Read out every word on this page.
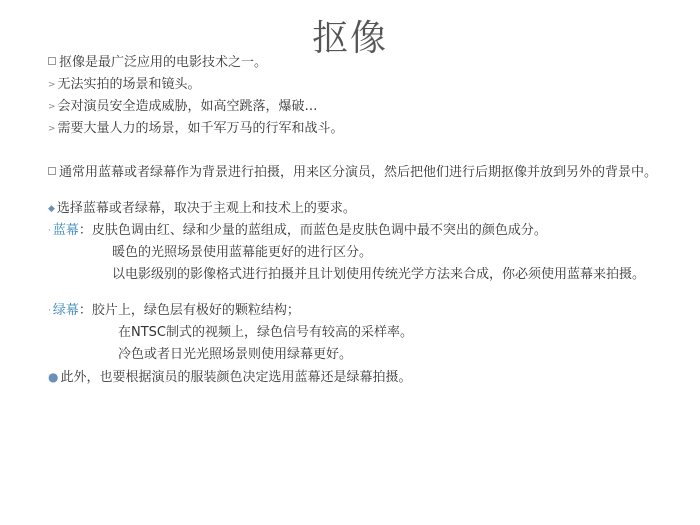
抠像
抠像是最广泛应用的电影技术之一。
> 无法实拍的场景和镜头。
> 会对演员安全造成威胁，如高空跳落，爆破…
> 需要大量人力的场景，如千军万马的行军和战斗。
通常用蓝幕或者绿幕作为背景进行拍摄，用来区分演员，然后把他们进行后期抠像并放到另外的背景中。
◆ 选择蓝幕或者绿幕，取决于主观上和技术上的要求。
· 蓝幕：皮肤色调由红、绿和少量的蓝组成，而蓝色是皮肤色调中最不突出的颜色成分。
暖色的光照场景使用蓝幕能更好的进行区分。
以电影级别的影像格式进行拍摄并且计划使用传统光学方法来合成，你必须使用蓝幕来拍摄。
· 绿幕：胶片上，绿色层有极好的颗粒结构；
在NTSC制式的视频上，绿色信号有较高的采样率。
冷色或者日光光照场景则使用绿幕更好。
● 此外，也要根据演员的服装颜色决定选用蓝幕还是绿幕拍摄。
